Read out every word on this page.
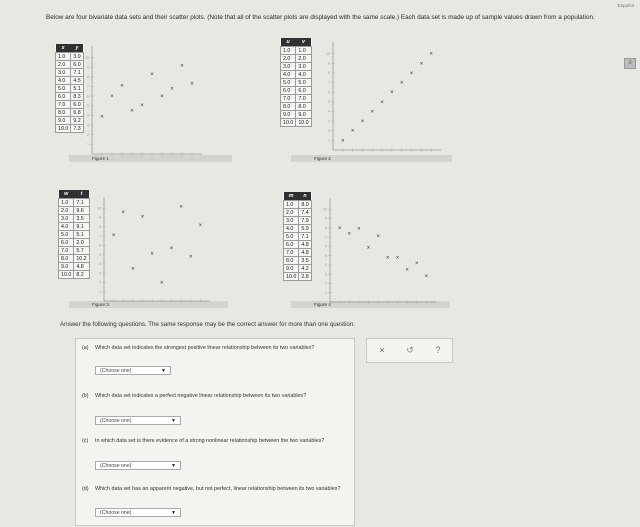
Below are four bivariate data sets and their scatter plots. (Note that all of the scatter plots are displayed with the same scale.) Each data set is made up of sample values drawn from a population.
Espaňol
≡
Answer the following questions. The same response may be the correct answer for more than one question.
(a) Which data set indicates the strongest positive linear relationship between its two variables?
(Choose one)	▼
(b) Which data set indicates a perfect negative linear relationship between its two variables?
(Choose one)	▼
(c) In which data set is there evidence of a strong nonlinear relationship between the two variables?
(Choose one)	▼
(d) Which data set has an apparent negative, but not perfect, linear relationship between its two variables?
(Choose one)	▼
×	↺	?
x	y
1.0	3.9
2.0	6.0
3.0	7.1
4.0	4.5
5.0	5.1
6.0	8.3
7.0	6.0
8.0	6.8
9.0	9.2
10.0	7.3
Figure 1
1
2
3
4
5
6
7
8
9
10
×
×
×
×
×
×
×
×
×
×
u	v
1.0	1.0
2.0	2.0
3.0	3.0
4.0	4.0
5.0	5.0
6.0	6.0
7.0	7.0
8.0	8.0
9.0	9.0
10.0	10.0
Figure 2
1
2
3
4
5
6
7
8
9
10
×
×
×
×
×
×
×
×
×
×
w	t
1.0	7.1
2.0	9.6
3.0	3.5
4.0	9.1
5.0	5.1
6.0	2.0
7.0	5.7
8.0	10.2
9.0	4.8
10.0	8.2
Figure 3
1
2
3
4
5
6
7
8
9
10
×
×
×
×
×
×
×
×
×
×
m	n
1.0	8.0
2.0	7.4
3.0	7.9
4.0	5.9
5.0	7.1
6.0	4.8
7.0	4.8
8.0	3.5
9.0	4.2
10.0	2.8
Figure 4
1
2
3
4
5
6
7
8
9
10
×
×
×
×
×
× ×
×
×
×
